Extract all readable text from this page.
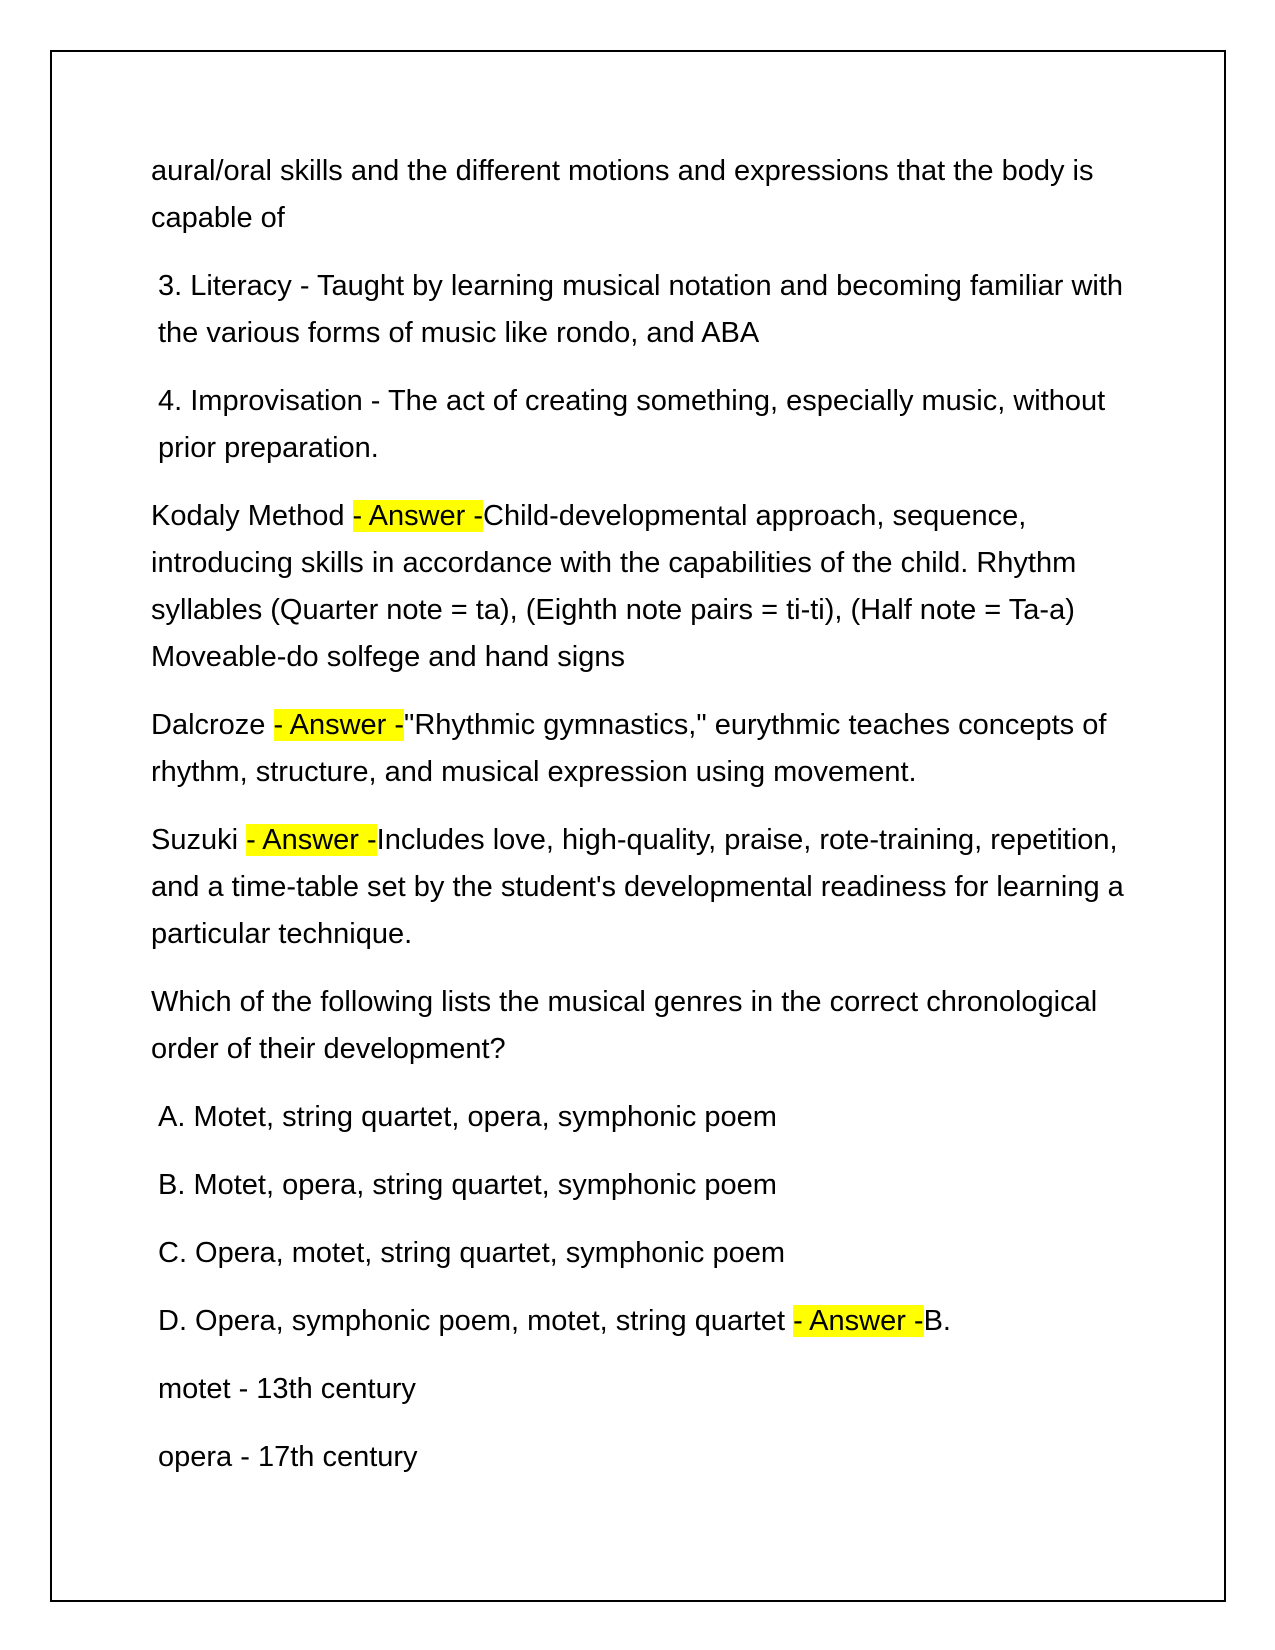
aural/oral skills and the different motions and expressions that the body is capable of

3. Literacy - Taught by learning musical notation and becoming familiar with the various forms of music like rondo, and ABA

4. Improvisation - The act of creating something, especially music, without prior preparation.

Kodaly Method - Answer -Child-developmental approach, sequence, introducing skills in accordance with the capabilities of the child. Rhythm syllables (Quarter note = ta), (Eighth note pairs = ti-ti), (Half note = Ta-a) Moveable-do solfege and hand signs

Dalcroze - Answer -"Rhythmic gymnastics," eurythmic teaches concepts of rhythm, structure, and musical expression using movement.

Suzuki - Answer -Includes love, high-quality, praise, rote-training, repetition, and a time-table set by the student's developmental readiness for learning a particular technique.

Which of the following lists the musical genres in the correct chronological order of their development?

A. Motet, string quartet, opera, symphonic poem

B. Motet, opera, string quartet, symphonic poem

C. Opera, motet, string quartet, symphonic poem

D. Opera, symphonic poem, motet, string quartet - Answer -B.

motet - 13th century

opera - 17th century
